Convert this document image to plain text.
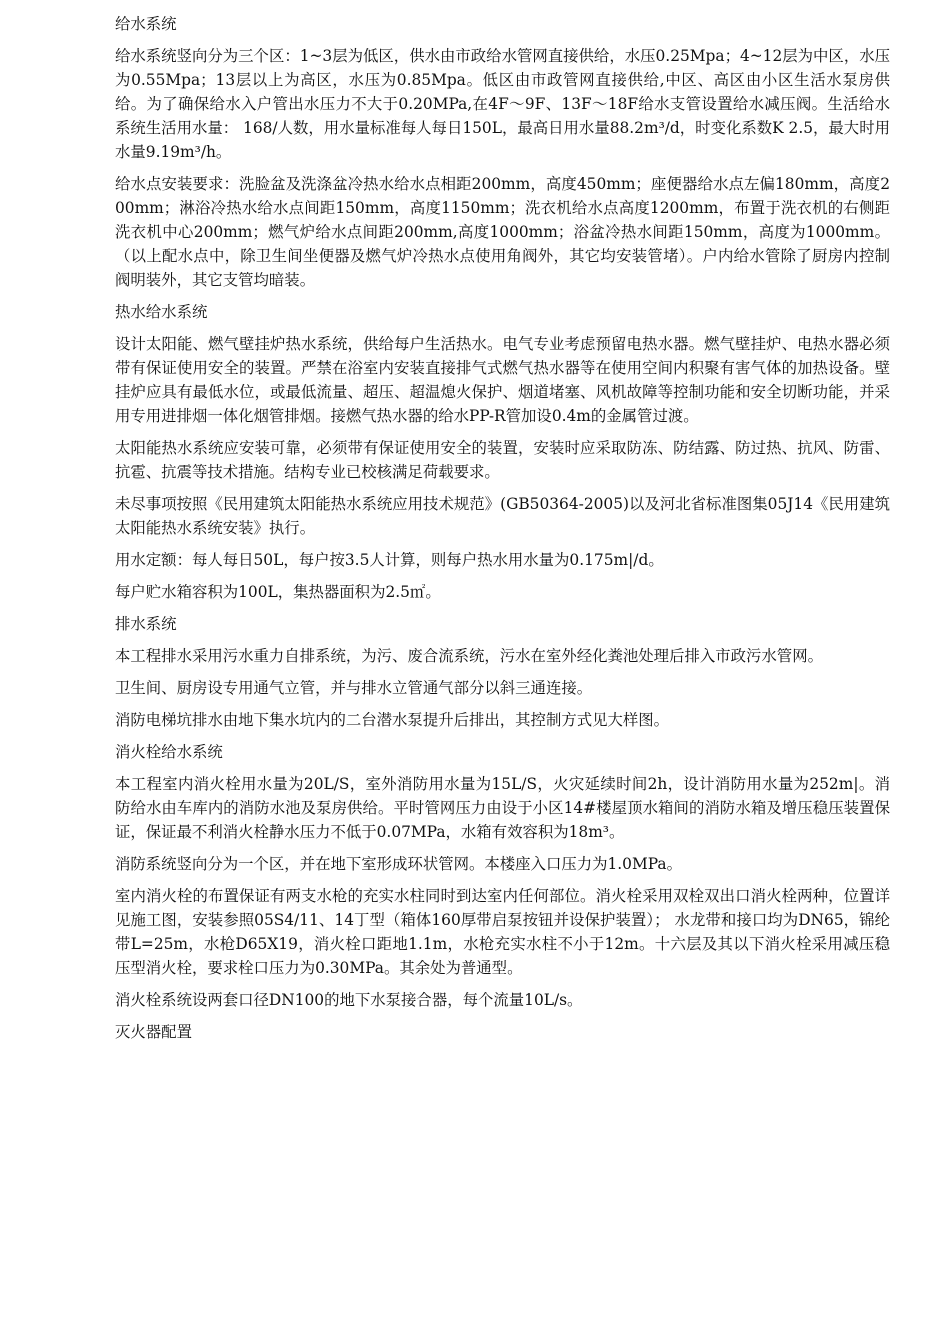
给水系统
给水系统竖向分为三个区：1~3层为低区，供水由市政给水管网直接供给，水压0.25Mpa；4~12层为中区，水压为0.55Mpa；13层以上为高区，水压为0.85Mpa。低区由市政管网直接供给,中区、高区由小区生活水泵房供给。为了确保给水入户管出水压力不大于0.20MPa,在4F～9F、13F～18F给水支管设置给水减压阀。生活给水系统生活用水量： 168/人数，用水量标准每人每日150L，最高日用水量88.2m³/d，时变化系数K 2.5，最大时用水量9.19m³/h。
给水点安装要求：洗脸盆及洗涤盆冷热水给水点相距200mm，高度450mm；座便器给水点左偏180mm，高度200mm；淋浴冷热水给水点间距150mm，高度1150mm；洗衣机给水点高度1200mm，布置于洗衣机的右侧距洗衣机中心200mm；燃气炉给水点间距200mm,高度1000mm；浴盆冷热水间距150mm，高度为1000mm。（以上配水点中，除卫生间坐便器及燃气炉冷热水点使用角阀外，其它均安装管堵）。户内给水管除了厨房内控制阀明装外，其它支管均暗装。
热水给水系统
设计太阳能、燃气壁挂炉热水系统，供给每户生活热水。电气专业考虑预留电热水器。燃气壁挂炉、电热水器必须带有保证使用安全的装置。严禁在浴室内安装直接排气式燃气热水器等在使用空间内积聚有害气体的加热设备。壁挂炉应具有最低水位，或最低流量、超压、超温熄火保护、烟道堵塞、风机故障等控制功能和安全切断功能，并采用专用进排烟一体化烟管排烟。接燃气热水器的给水PP-R管加设0.4m的金属管过渡。
太阳能热水系统应安装可靠，必须带有保证使用安全的装置，安装时应采取防冻、防结露、防过热、抗风、防雷、抗雹、抗震等技术措施。结构专业已校核满足荷载要求。
未尽事项按照《民用建筑太阳能热水系统应用技术规范》(GB50364-2005)以及河北省标准图集05J14《民用建筑太阳能热水系统安装》执行。
用水定额：每人每日50L，每户按3.5人计算，则每户热水用水量为0.175m|/d。
每户贮水箱容积为100L，集热器面积为2.5㎡。
排水系统
本工程排水采用污水重力自排系统，为污、废合流系统，污水在室外经化粪池处理后排入市政污水管网。
卫生间、厨房设专用通气立管，并与排水立管通气部分以斜三通连接。
消防电梯坑排水由地下集水坑内的二台潜水泵提升后排出，其控制方式见大样图。
消火栓给水系统
本工程室内消火栓用水量为20L/S，室外消防用水量为15L/S，火灾延续时间2h，设计消防用水量为252m|。消防给水由车库内的消防水池及泵房供给。平时管网压力由设于小区14#楼屋顶水箱间的消防水箱及增压稳压装置保证，保证最不利消火栓静水压力不低于0.07MPa，水箱有效容积为18m³。
消防系统竖向分为一个区，并在地下室形成环状管网。本楼座入口压力为1.0MPa。
室内消火栓的布置保证有两支水枪的充实水柱同时到达室内任何部位。消火栓采用双栓双出口消火栓两种，位置详见施工图，安装参照05S4/11、14丁型（箱体160厚带启泵按钮并设保护装置）； 水龙带和接口均为DN65，锦纶带L=25m，水枪D65X19，消火栓口距地1.1m，水枪充实水柱不小于12m。十六层及其以下消火栓采用减压稳压型消火栓，要求栓口压力为0.30MPa。其余处为普通型。
消火栓系统设两套口径DN100的地下水泵接合器，每个流量10L/s。
灭火器配置
